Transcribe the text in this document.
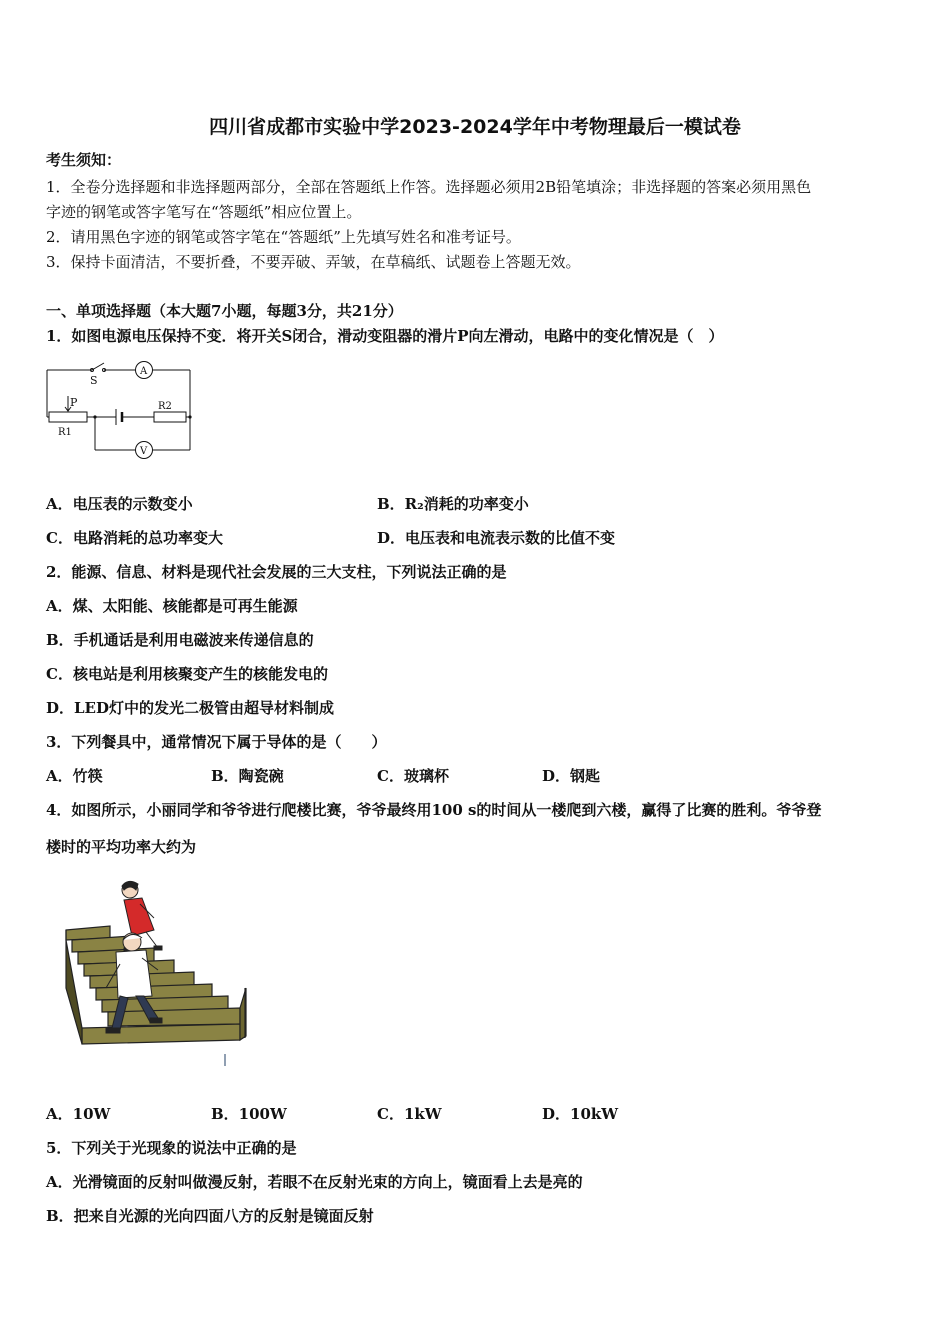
四川省成都市实验中学2023-2024学年中考物理最后一模试卷
考生须知：
1．全卷分选择题和非选择题两部分，全部在答题纸上作答。选择题必须用2B铅笔填涂；非选择题的答案必须用黑色
字迹的钢笔或答字笔写在“答题纸”相应位置上。
2．请用黑色字迹的钢笔或答字笔在“答题纸”上先填写姓名和准考证号。
3．保持卡面清洁，不要折叠，不要弄破、弄皱，在草稿纸、试题卷上答题无效。
一、单项选择题（本大题7小题，每题3分，共21分）
1．如图电源电压保持不变．将开关S闭合，滑动变阻器的滑片P向左滑动，电路中的变化情况是（　）
S
A
P
R1
R2
V
A．电压表的示数变小	B．R₂消耗的功率变小
C．电路消耗的总功率变大	D．电压表和电流表示数的比值不变
2．能源、信息、材料是现代社会发展的三大支柱，下列说法正确的是
A．煤、太阳能、核能都是可再生能源
B．手机通话是利用电磁波来传递信息的
C．核电站是利用核聚变产生的核能发电的
D．LED灯中的发光二极管由超导材料制成
3．下列餐具中，通常情况下属于导体的是（　　）
A．竹筷	B．陶瓷碗	C．玻璃杯	D．钢匙
4．如图所示，小丽同学和爷爷进行爬楼比赛，爷爷最终用100 s的时间从一楼爬到六楼，赢得了比赛的胜利。爷爷登
楼时的平均功率大约为
A．10W	B．100W	C．1kW	D．10kW
5．下列关于光现象的说法中正确的是
A．光滑镜面的反射叫做漫反射，若眼不在反射光束的方向上，镜面看上去是亮的
B．把来自光源的光向四面八方的反射是镜面反射
